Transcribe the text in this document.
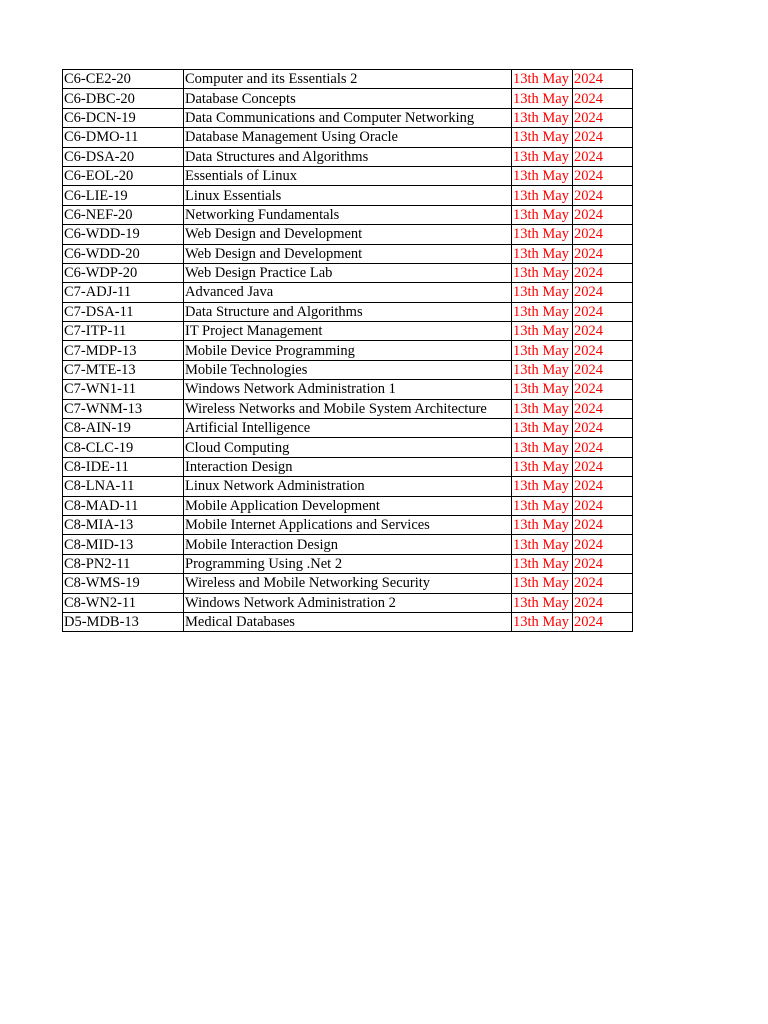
C6-CE2-20	Computer and its Essentials 2	13th May	2024
C6-DBC-20	Database Concepts	13th May	2024
C6-DCN-19	Data Communications and Computer Networking	13th May	2024
C6-DMO-11	Database Management Using Oracle	13th May	2024
C6-DSA-20	Data Structures and Algorithms	13th May	2024
C6-EOL-20	Essentials of Linux	13th May	2024
C6-LIE-19	Linux Essentials	13th May	2024
C6-NEF-20	Networking Fundamentals	13th May	2024
C6-WDD-19	Web Design and Development	13th May	2024
C6-WDD-20	Web Design and Development	13th May	2024
C6-WDP-20	Web Design Practice Lab	13th May	2024
C7-ADJ-11	Advanced Java	13th May	2024
C7-DSA-11	Data Structure and Algorithms	13th May	2024
C7-ITP-11	IT Project Management	13th May	2024
C7-MDP-13	Mobile Device Programming	13th May	2024
C7-MTE-13	Mobile Technologies	13th May	2024
C7-WN1-11	Windows Network Administration 1	13th May	2024
C7-WNM-13	Wireless Networks and Mobile System Architecture	13th May	2024
C8-AIN-19	Artificial Intelligence	13th May	2024
C8-CLC-19	Cloud Computing	13th May	2024
C8-IDE-11	Interaction Design	13th May	2024
C8-LNA-11	Linux Network Administration	13th May	2024
C8-MAD-11	Mobile Application Development	13th May	2024
C8-MIA-13	Mobile Internet Applications and Services	13th May	2024
C8-MID-13	Mobile Interaction Design	13th May	2024
C8-PN2-11	Programming Using .Net 2	13th May	2024
C8-WMS-19	Wireless and Mobile Networking Security	13th May	2024
C8-WN2-11	Windows Network Administration 2	13th May	2024
D5-MDB-13	Medical Databases	13th May	2024
